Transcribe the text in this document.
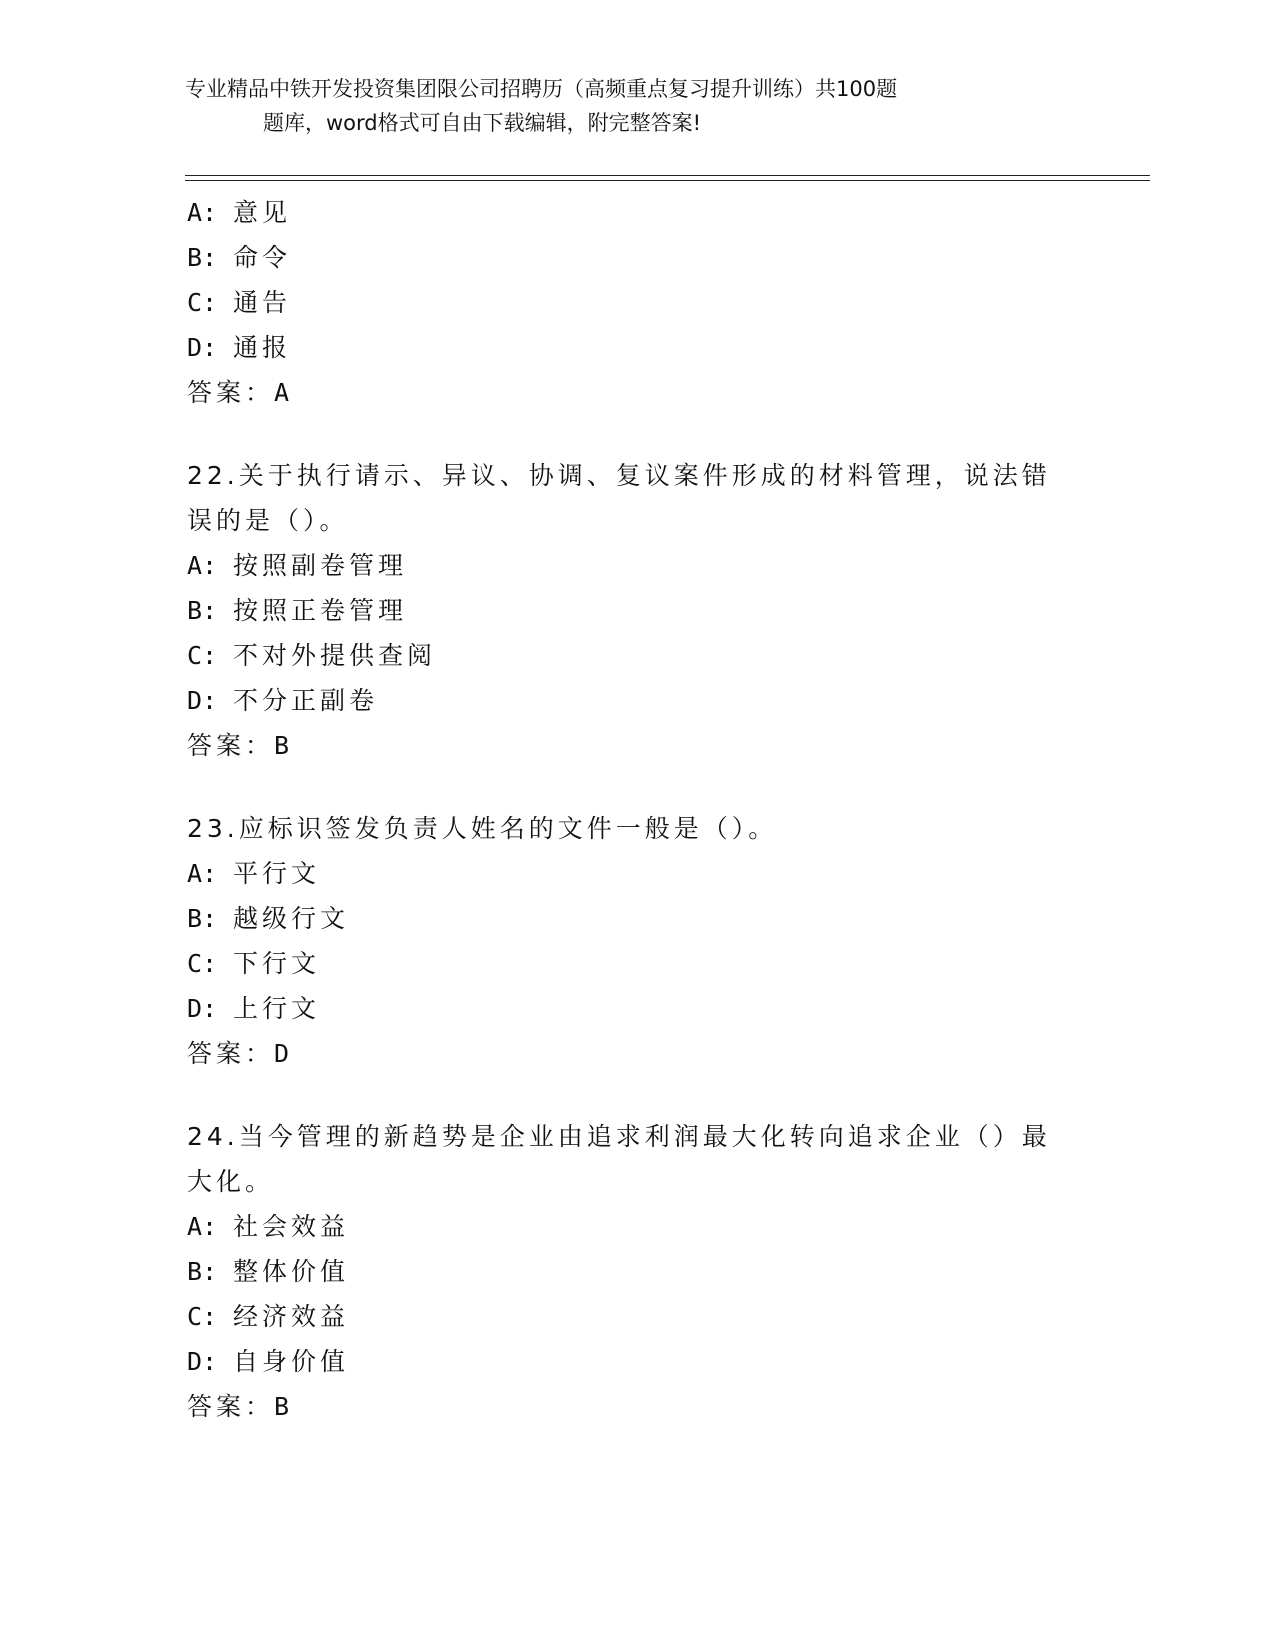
专业精品中铁开发投资集团限公司招聘历（高频重点复习提升训练）共100题
题库，word格式可自由下载编辑，附完整答案!

A: 意见

B: 命令

C: 通告

D: 通报

答案：A

22.关于执行请示、异议、协调、复议案件形成的材料管理，说法错误的是（）。

A: 按照副卷管理

B: 按照正卷管理

C: 不对外提供查阅

D: 不分正副卷

答案：B

23.应标识签发负责人姓名的文件一般是（）。

A: 平行文

B: 越级行文

C: 下行文

D: 上行文

答案：D

24.当今管理的新趋势是企业由追求利润最大化转向追求企业（）最大化。

A: 社会效益

B: 整体价值

C: 经济效益

D: 自身价值

答案：B
